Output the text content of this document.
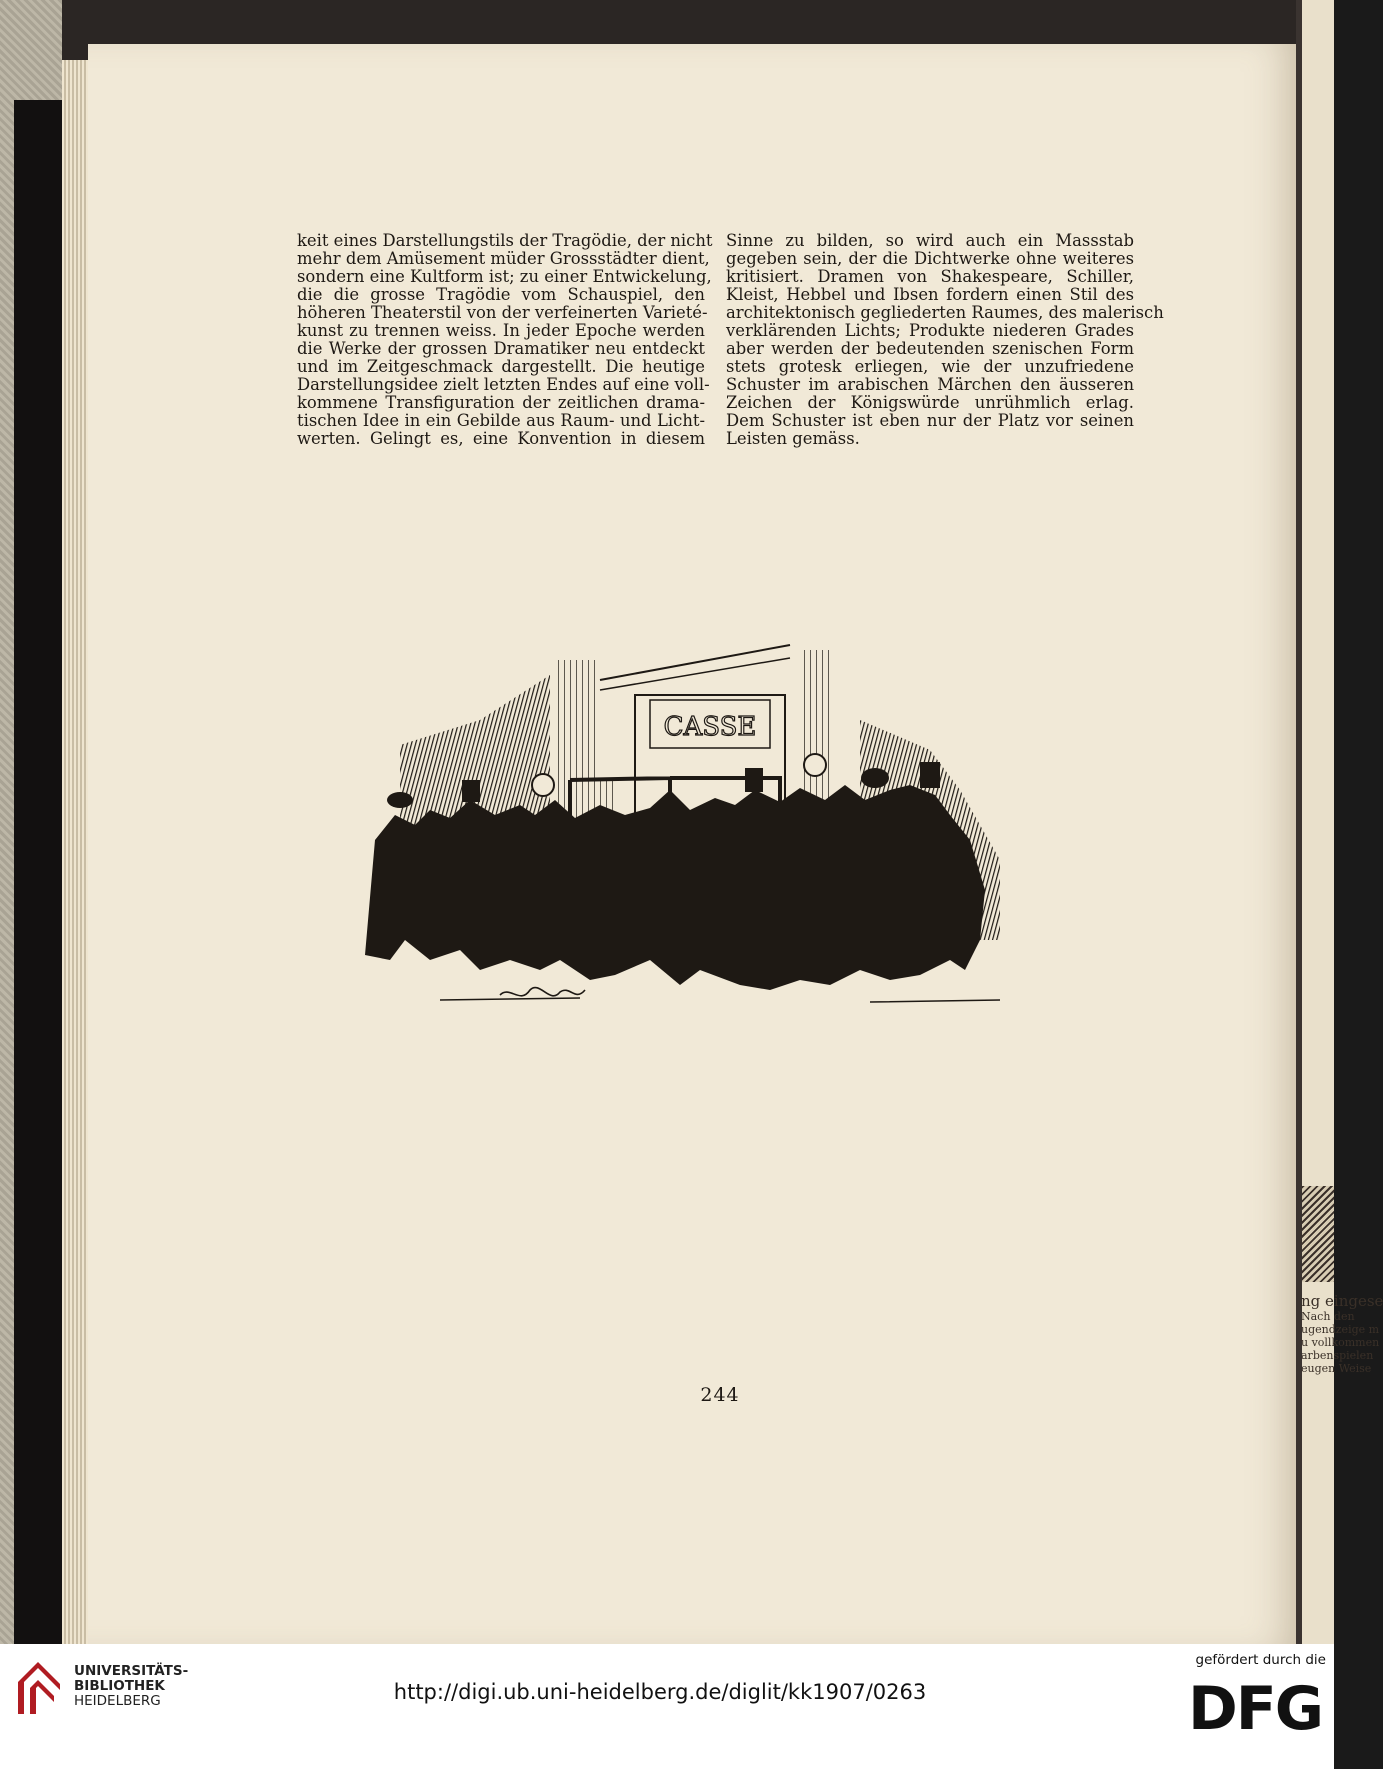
ng eingese
Nach den
ugendzeige m
u vollkommen
arbenspielen
eugen Weise
keit eines Darstellungstils der Tragödie, der nicht
mehr dem Amüsement müder Grossstädter dient,
sondern eine Kultform ist; zu einer Entwickelung,
die die grosse Tragödie vom Schauspiel, den
höheren Theaterstil von der verfeinerten Varieté-
kunst zu trennen weiss. In jeder Epoche werden
die Werke der grossen Dramatiker neu entdeckt
und im Zeitgeschmack dargestellt. Die heutige
Darstellungsidee zielt letzten Endes auf eine voll-
kommene Transfiguration der zeitlichen drama-
tischen Idee in ein Gebilde aus Raum- und Licht-
werten. Gelingt es, eine Konvention in diesem
Sinne zu bilden, so wird auch ein Massstab
gegeben sein, der die Dichtwerke ohne weiteres
kritisiert. Dramen von Shakespeare, Schiller,
Kleist, Hebbel und Ibsen fordern einen Stil des
architektonisch gegliederten Raumes, des malerisch
verklärenden Lichts; Produkte niederen Grades
aber werden der bedeutenden szenischen Form
stets grotesk erliegen, wie der unzufriedene
Schuster im arabischen Märchen den äusseren
Zeichen der Königswürde unrühmlich erlag.
Dem Schuster ist eben nur der Platz vor seinen
Leisten gemäss.
CASSE
244
UNIVERSITÄTS-
BIBLIOTHEK
HEIDELBERG	http://digi.ub.uni-heidelberg.de/diglit/kk1907/0263
gefördert durch die
DFG
